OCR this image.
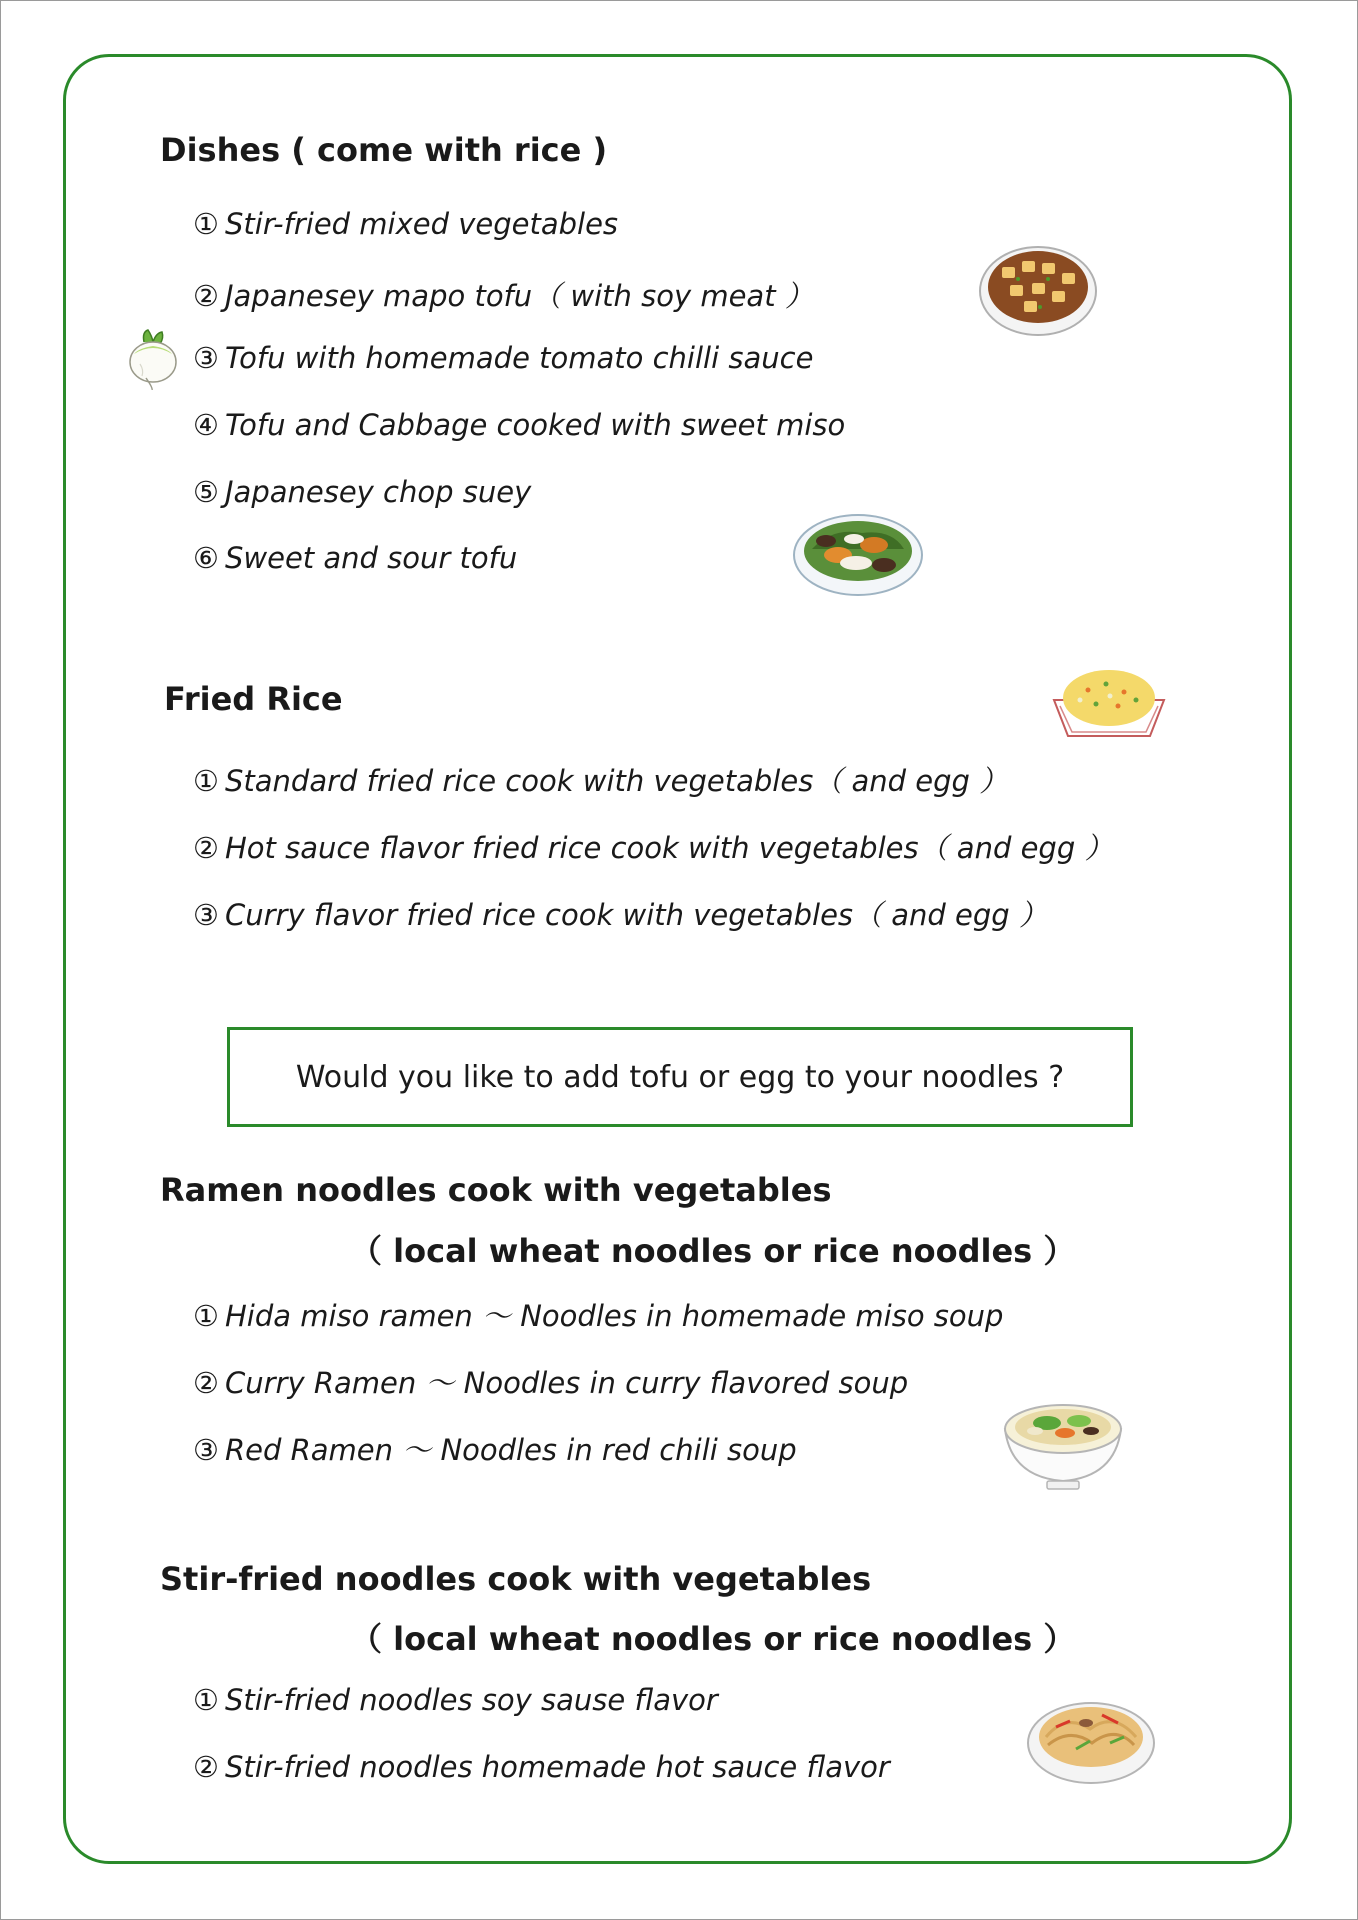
Dishes ( come with rice )
① Stir-fried mixed vegetables
② Japanesey mapo tofu（ with soy meat ）
③ Tofu with homemade tomato chilli sauce
④ Tofu and Cabbage cooked with sweet miso
⑤ Japanesey chop suey
⑥ Sweet and sour tofu
Fried Rice
① Standard fried rice cook with vegetables（ and egg ）
② Hot sauce flavor fried rice cook with vegetables（ and egg ）
③ Curry flavor fried rice cook with vegetables（ and egg ）
Would you like to add tofu or egg to your noodles ?
Ramen noodles cook with vegetables
（ local wheat noodles or rice noodles ）
① Hida miso ramen ～ Noodles in homemade miso soup
② Curry Ramen ～ Noodles in curry flavored soup
③ Red Ramen ～ Noodles in red chili soup
Stir-fried noodles cook with vegetables
（ local wheat noodles or rice noodles ）
① Stir-fried noodles soy sause flavor
② Stir-fried noodles homemade hot sauce flavor
